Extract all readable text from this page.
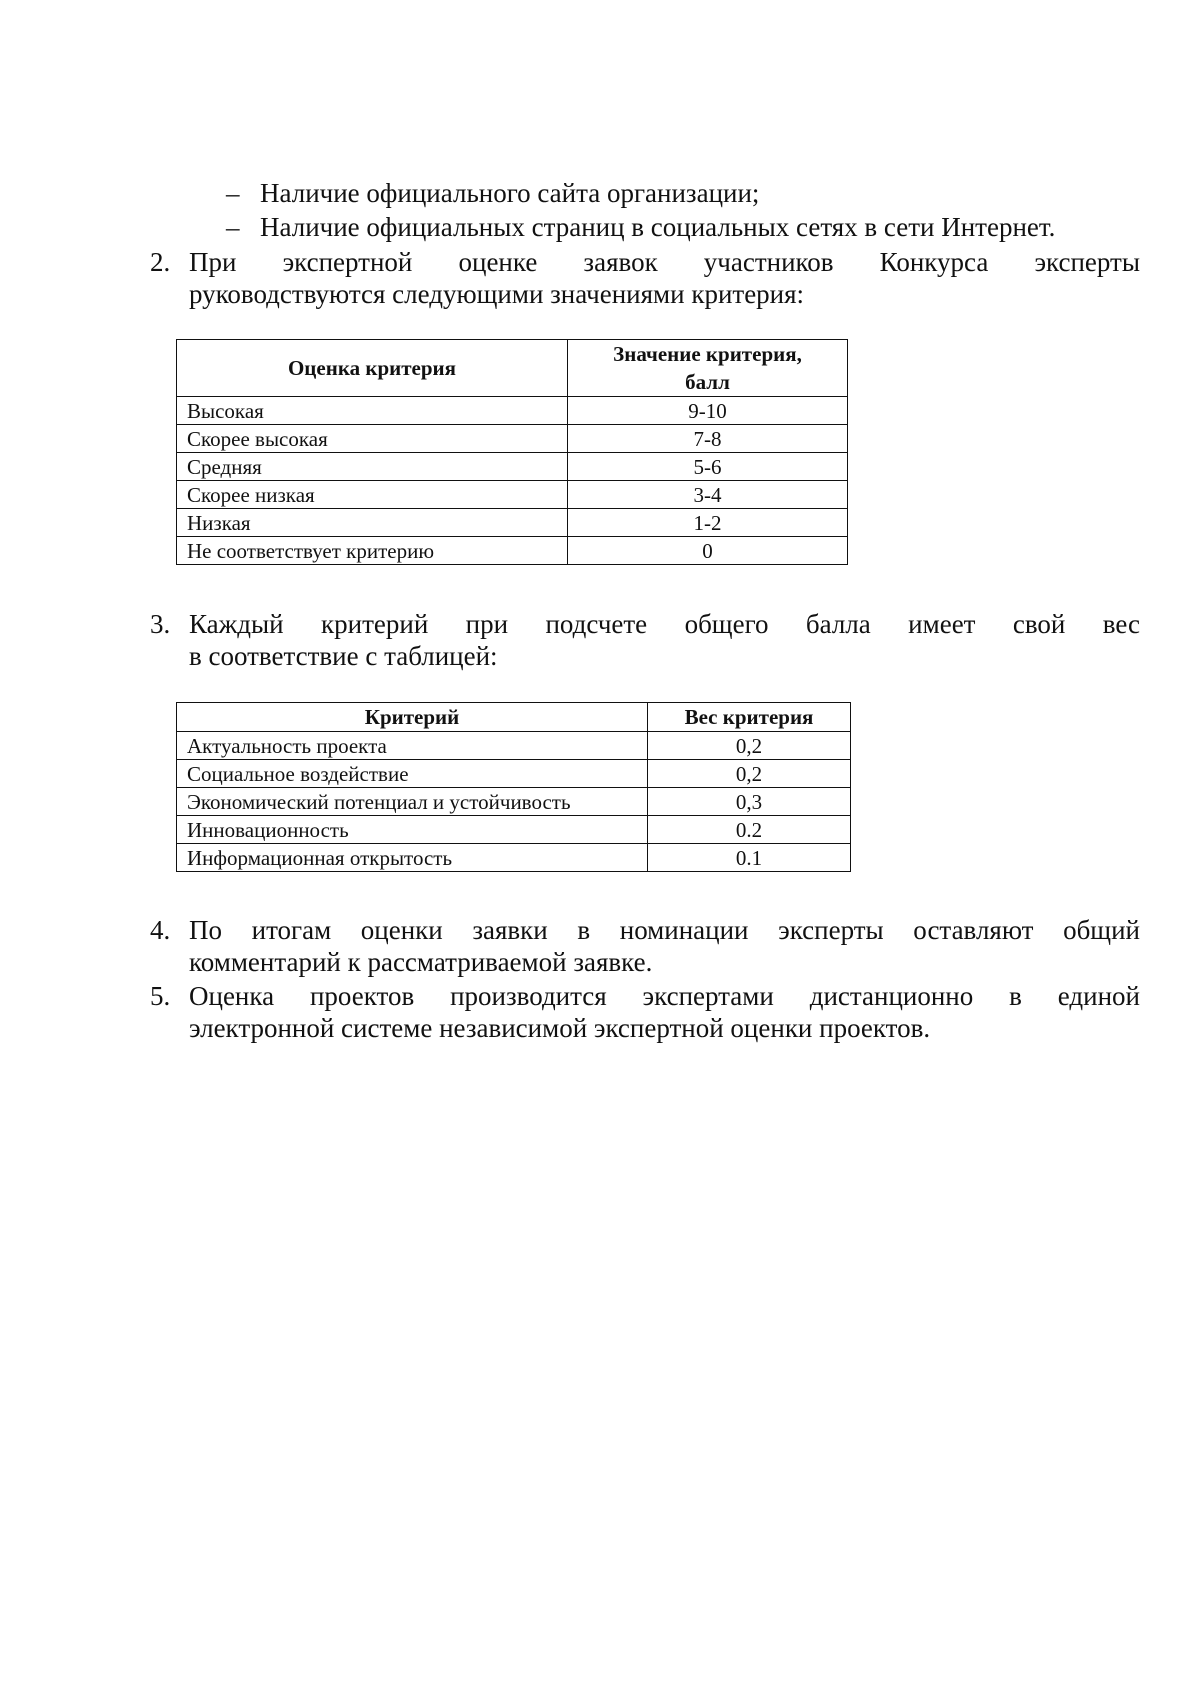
– Наличие официального сайта организации;
– Наличие официальных страниц в социальных сетях в сети Интернет.
2. При экспертной оценке заявок участников Конкурса эксперты
руководствуются следующими значениями критерия:
Оценка критерия	Значение критерия,
балл
Высокая	9-10
Скорее высокая	7-8
Средняя	5-6
Скорее низкая	3-4
Низкая	1-2
Не соответствует критерию	0
3. Каждый критерий при подсчете общего балла имеет свой вес
в соответствие с таблицей:
Критерий	Вес критерия
Актуальность проекта	0,2
Социальное воздействие	0,2
Экономический потенциал и устойчивость	0,3
Инновационность	0.2
Информационная открытость	0.1
4. По итогам оценки заявки в номинации эксперты оставляют общий
комментарий к рассматриваемой заявке.
5. Оценка проектов производится экспертами дистанционно в единой
электронной системе независимой экспертной оценки проектов.
